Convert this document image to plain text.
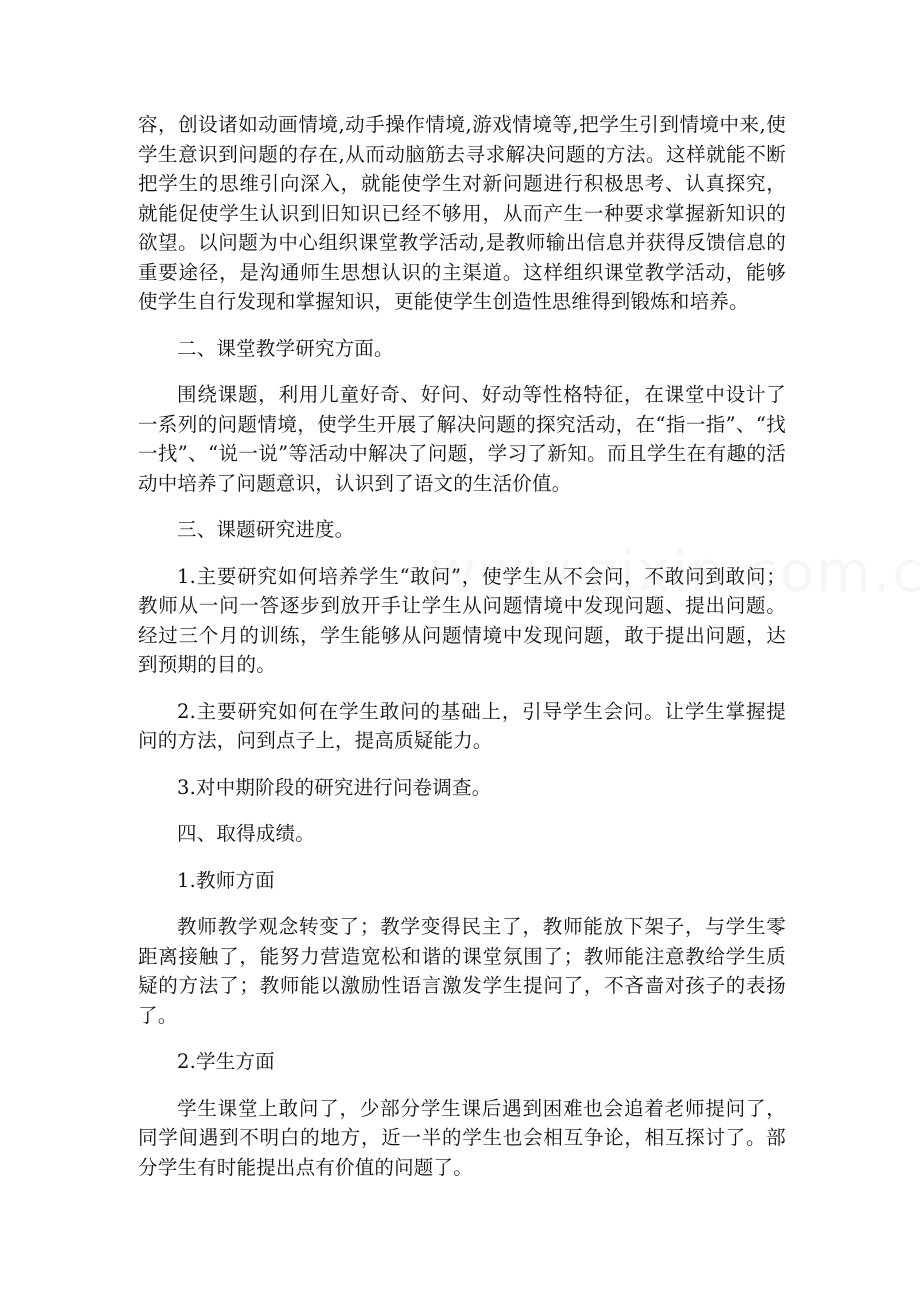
容，创设诸如动画情境,动手操作情境,游戏情境等,把学生引到情境中来,使学生意识到问题的存在,从而动脑筋去寻求解决问题的方法。这样就能不断把学生的思维引向深入，就能使学生对新问题进行积极思考、认真探究，就能促使学生认识到旧知识已经不够用，从而产生一种要求掌握新知识的欲望。以问题为中心组织课堂教学活动,是教师输出信息并获得反馈信息的重要途径，是沟通师生思想认识的主渠道。这样组织课堂教学活动，能够使学生自行发现和掌握知识，更能使学生创造性思维得到锻炼和培养。

二、课堂教学研究方面。

围绕课题，利用儿童好奇、好问、好动等性格特征，在课堂中设计了一系列的问题情境，使学生开展了解决问题的探究活动，在“指一指”、“找一找”、“说一说”等活动中解决了问题，学习了新知。而且学生在有趣的活动中培养了问题意识，认识到了语文的生活价值。

三、课题研究进度。

1.主要研究如何培养学生“敢问”，使学生从不会问，不敢问到敢问；教师从一问一答逐步到放开手让学生从问题情境中发现问题、提出问题。经过三个月的训练，学生能够从问题情境中发现问题，敢于提出问题，达到预期的目的。

2.主要研究如何在学生敢问的基础上，引导学生会问。让学生掌握提问的方法，问到点子上，提高质疑能力。

3.对中期阶段的研究进行问卷调查。

四、取得成绩。

1.教师方面

教师教学观念转变了；教学变得民主了，教师能放下架子，与学生零距离接触了，能努力营造宽松和谐的课堂氛围了；教师能注意教给学生质疑的方法了；教师能以激励性语言激发学生提问了，不吝啬对孩子的表扬了。

2.学生方面

学生课堂上敢问了，少部分学生课后遇到困难也会追着老师提问了，同学间遇到不明白的地方，近一半的学生也会相互争论，相互探讨了。部分学生有时能提出点有价值的问题了。
